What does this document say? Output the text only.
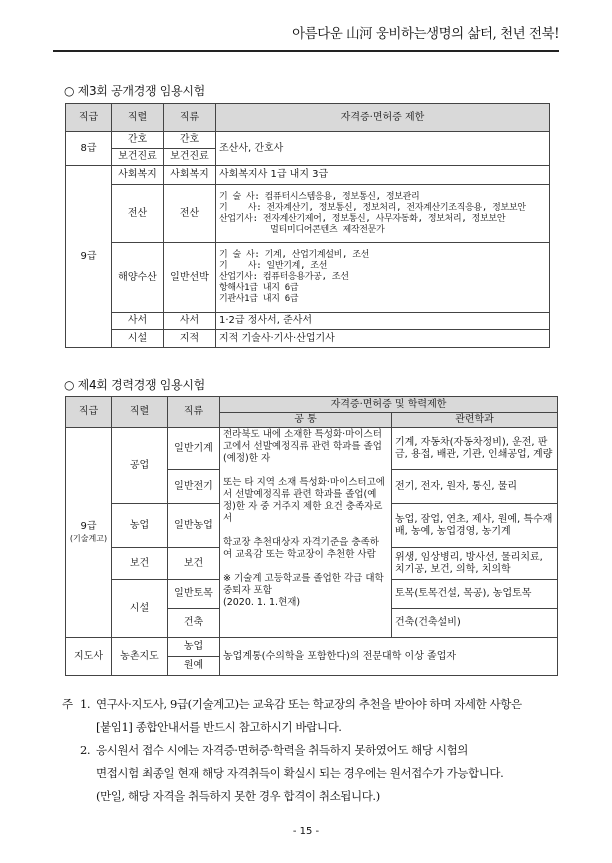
아름다운 山河 웅비하는생명의 삶터, 천년 전북!
○ 제3회 공개경쟁 임용시험
직급	직렬	직류	자격증·면허증 제한
8급	간호	간호	조산사, 간호사
	보건진료	보건진료	
9급	사회복지	사회복지	사회복지사 1급 내지 3급
	전산	전산	기 술 사: 컴퓨터시스템응용, 정보통신, 정보관리
기    사: 전자계산기, 정보통신, 정보처리, 전자계산기조직응용, 정보보안
산업기사: 전자계산기제어, 정보통신, 사무자동화, 정보처리, 정보보안
멀티미디어콘텐츠 제작전문가
	해양수산	일반선박	기 술 사: 기계, 산업기계설비, 조선
기    사: 일반기계, 조선
산업기사: 컴퓨터응용가공, 조선
항해사1급 내지 6급
기관사1급 내지 6급
	사서	사서	1·2급 정사서, 준사서
	시설	지적	지적 기술사·기사·산업기사
○ 제4회 경력경쟁 임용시험
직급	직렬	직류	자격증·면허증 및 학력제한	
			공 통	관련학과
9급
(기술계고)	공업	일반기계	전라북도 내에 소재한 특성화·마이스터고에서 선발예정직류 관련 학과를 졸업(예정)한 자

또는 타 지역 소재 특성화·마이스터고에서 선발예정직류 관련 학과를 졸업(예정)한 자 중 거주지 제한 요건 충족자로서

학교장 추천대상자 자격기준을 충족하여 교육감 또는 학교장이 추천한 사람

※ 기술계 고등학교를 졸업한 각급 대학 중퇴자 포함
(2020. 1. 1.현재)	기계, 자동차(자동차정비), 운전, 판금, 용접, 배관, 기관, 인쇄공업, 계량
		일반전기		전기, 전자, 원자, 통신, 물리
	농업	일반농업		농업, 잠업, 연초, 제사, 원예, 특수재배, 농예, 농업경영, 농기계
	보건	보건		위생, 임상병리, 방사선, 물리치료, 치기공, 보건, 의학, 치의학
	시설	일반토목		토목(토목건설, 목공), 농업토목
		건축		건축(건축설비)
지도사	농촌지도	농업	농업계통(수의학을 포함한다)의 전문대학 이상 졸업자	
		원예		
주 1. 연구사·지도사, 9급(기술계고)는 교육감 또는 학교장의 추천을 받아야 하며 자세한 사항은
[붙임1] 종합안내서를 반드시 참고하시기 바랍니다.
2. 응시원서 접수 시에는 자격증·면허증·학력을 취득하지 못하였어도 해당 시험의

면접시험 최종일 현재 해당 자격취득이 확실시 되는 경우에는 원서접수가 가능합니다.
(만일, 해당 자격을 취득하지 못한 경우 합격이 취소됩니다.)
- 15 -
